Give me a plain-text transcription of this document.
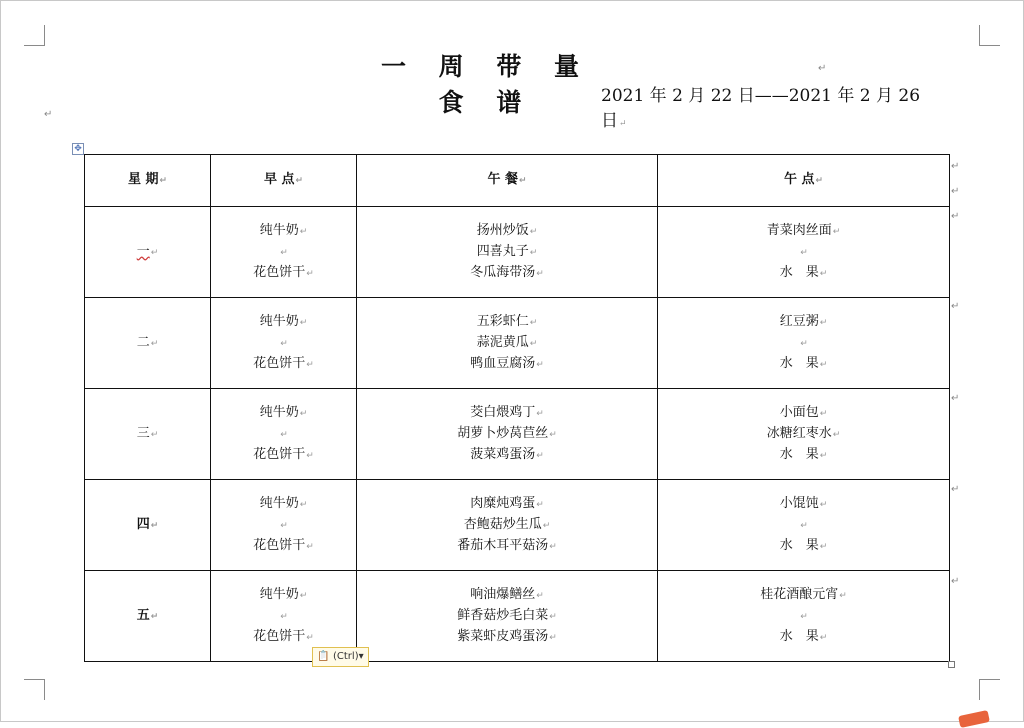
一 周 带 量 食 谱
↵
2021 年 2 月 22 日——2021 年 2 月 26 日↵
↵
✥
星 期↵	早 点↵	午 餐↵	午 点↵
一↵	纯牛奶↵
↵
花色饼干↵	扬州炒饭↵
四喜丸子↵
冬瓜海带汤↵	青菜肉丝面↵
↵
水　果↵

二↵	纯牛奶↵
↵
花色饼干↵	五彩虾仁↵
蒜泥黄瓜↵
鸭血豆腐汤↵	红豆粥↵
↵
水　果↵

三↵	纯牛奶↵
↵
花色饼干↵	茭白煨鸡丁↵
胡萝卜炒莴苣丝↵
菠菜鸡蛋汤↵	小面包↵
冰糖红枣水↵
水　果↵

四↵	纯牛奶↵
↵
花色饼干↵	肉糜炖鸡蛋↵
杏鲍菇炒生瓜↵
番茄木耳平菇汤↵	小馄饨↵
↵
水　果↵

五↵	纯牛奶↵
↵
花色饼干↵	响油爆鳝丝↵
鲜香菇炒毛白菜↵
紫菜虾皮鸡蛋汤↵	桂花酒酿元宵↵
↵
水　果↵
📋 (Ctrl)▾
↵
↵
↵
↵
↵
↵
↵
